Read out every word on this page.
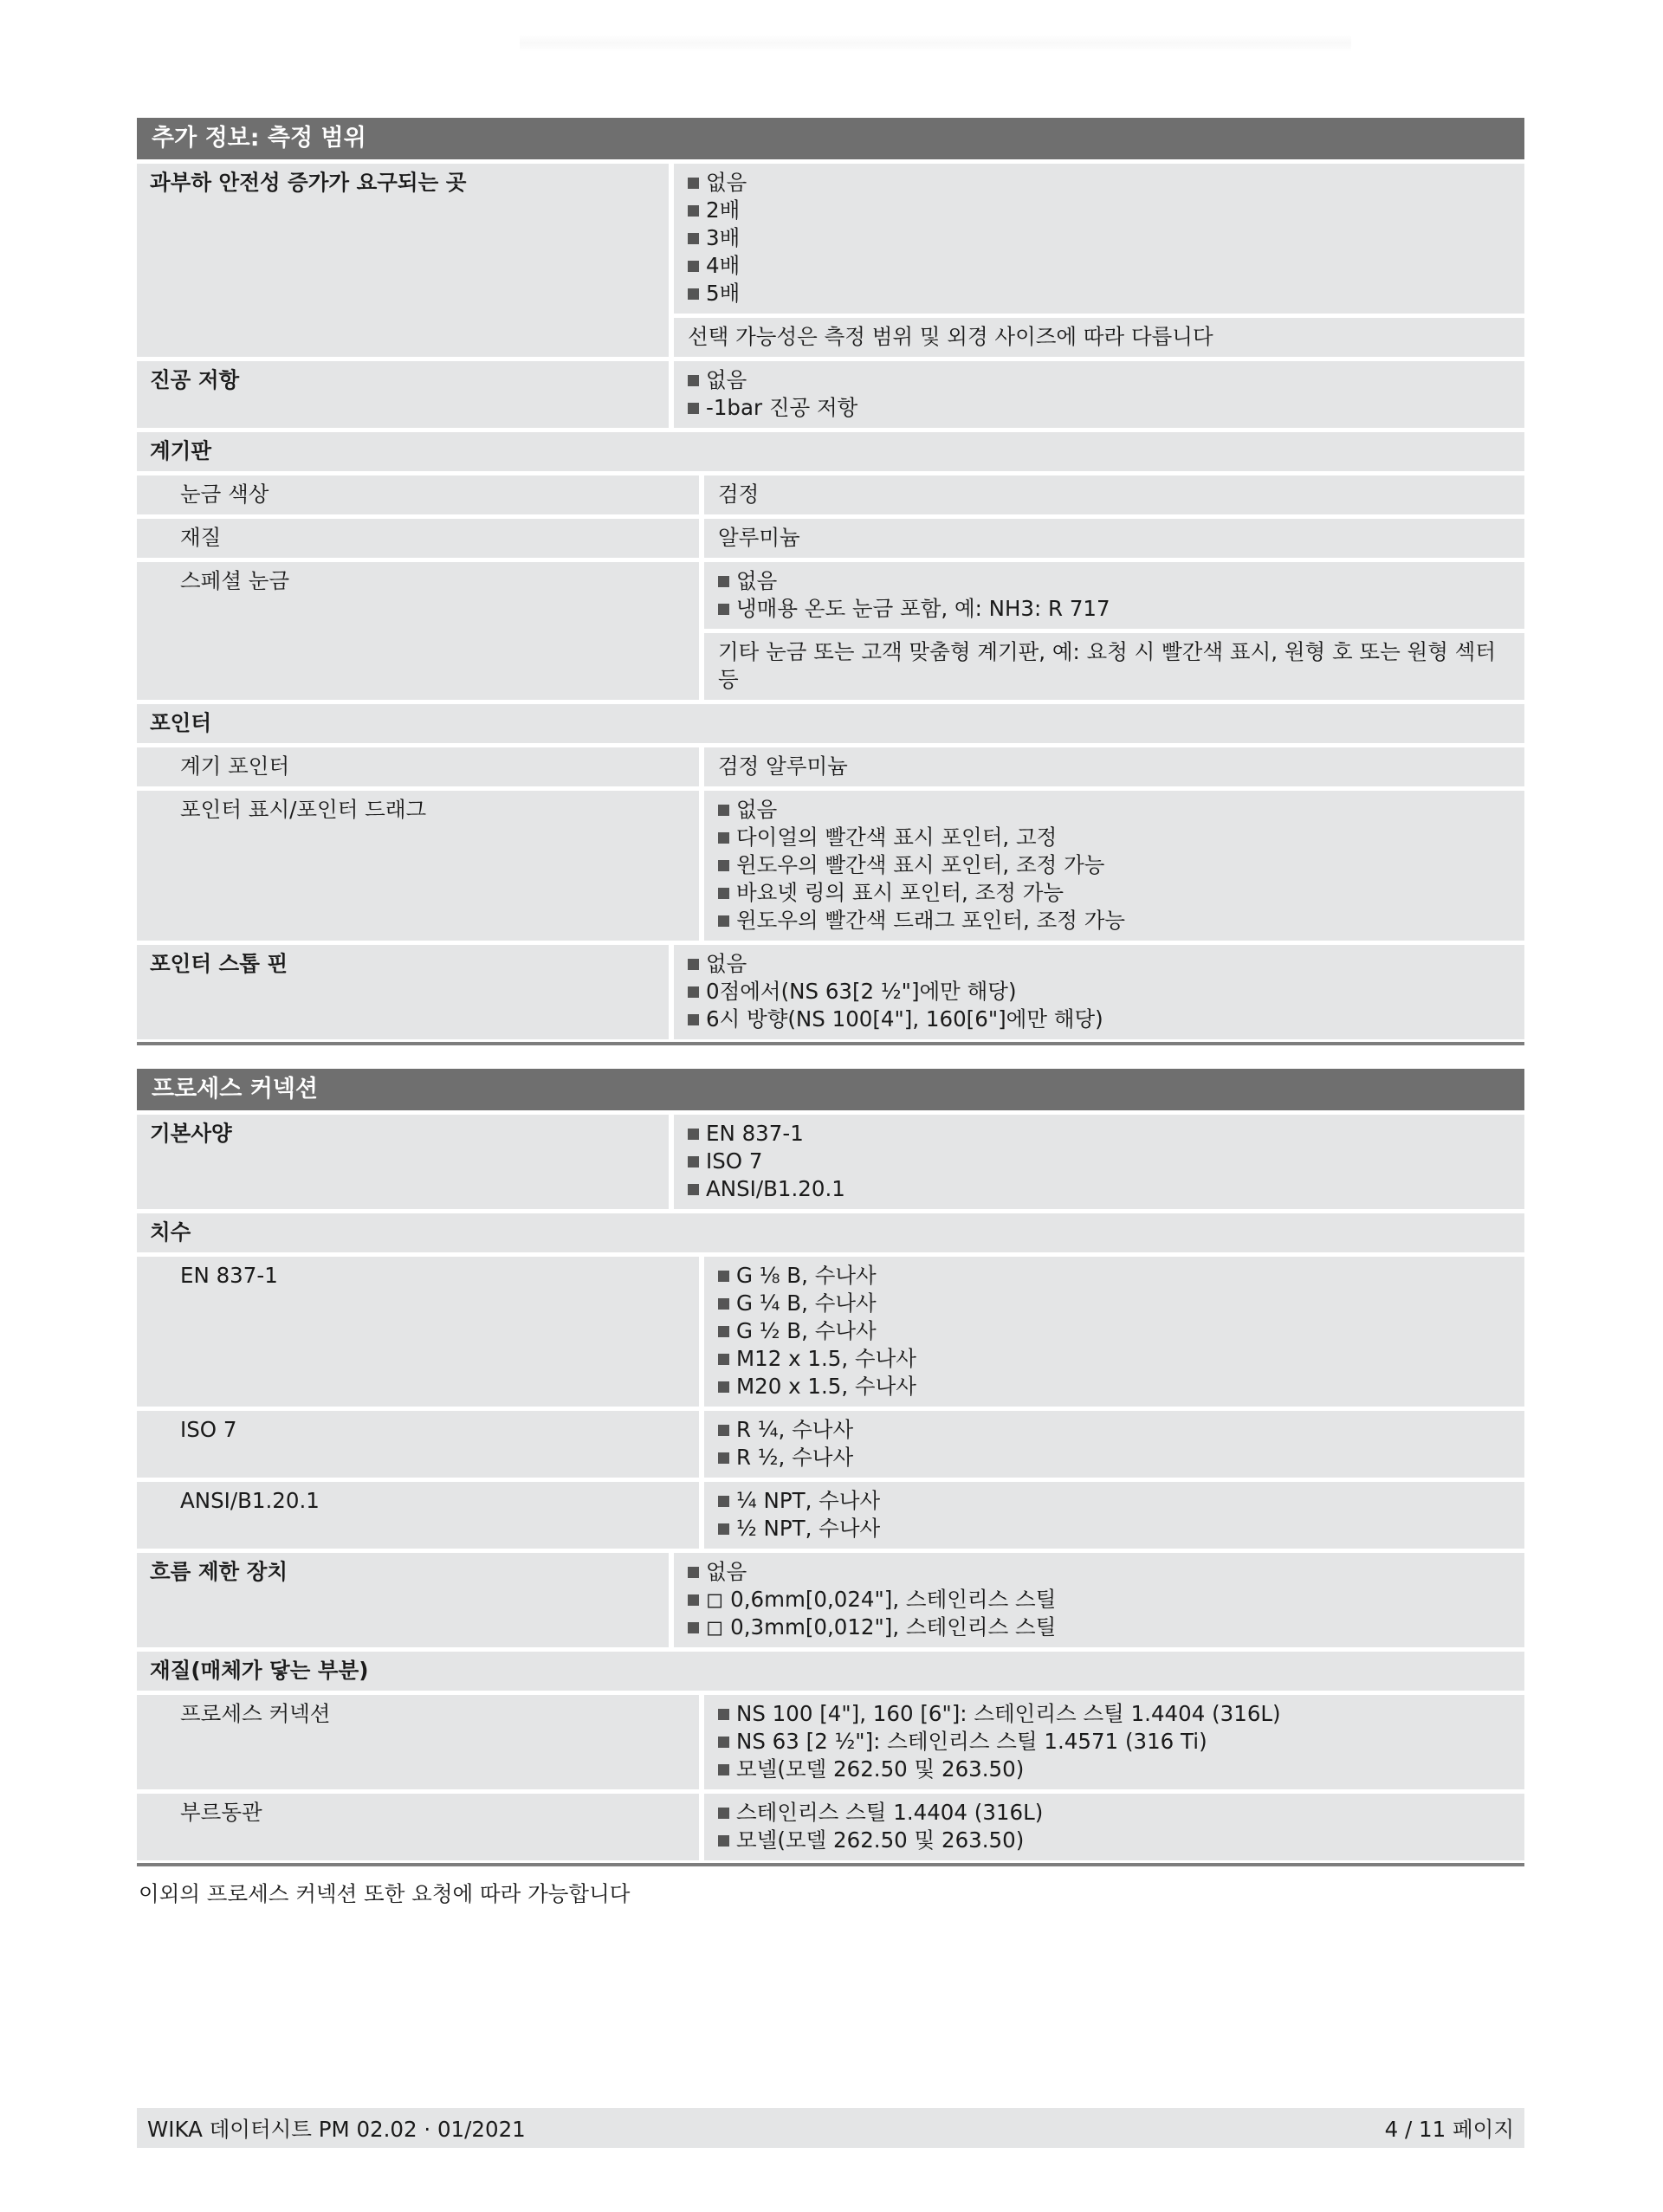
추가 정보: 측정 범위
과부하 안전성 증가가 요구되는 곳	없음
2배
3배
4배
5배
선택 가능성은 측정 범위 및 외경 사이즈에 따라 다릅니다
진공 저항	없음
-1bar 진공 저항
계기판
눈금 색상	검정
재질	알루미늄
스페셜 눈금	없음
냉매용 온도 눈금 포함, 예: NH3: R 717
기타 눈금 또는 고객 맞춤형 계기판, 예: 요청 시 빨간색 표시, 원형 호 또는 원형 섹터 등
포인터
계기 포인터	검정 알루미늄
포인터 표시/포인터 드래그	없음
다이얼의 빨간색 표시 포인터, 고정
윈도우의 빨간색 표시 포인터, 조정 가능
바요넷 링의 표시 포인터, 조정 가능
윈도우의 빨간색 드래그 포인터, 조정 가능
포인터 스톱 핀	없음
0점에서(NS 63[2 ½"]에만 해당)
6시 방향(NS 100[4"], 160[6"]에만 해당)
프로세스 커넥션
기본사양	EN 837-1
ISO 7
ANSI/B1.20.1
치수
EN 837-1	G ⅛ B, 수나사
G ¼ B, 수나사
G ½ B, 수나사
M12 x 1.5, 수나사
M20 x 1.5, 수나사
ISO 7	R ¼, 수나사
R ½, 수나사
ANSI/B1.20.1	¼ NPT, 수나사
½ NPT, 수나사
흐름 제한 장치	없음
◻ 0,6mm[0,024"], 스테인리스 스틸
◻ 0,3mm[0,012"], 스테인리스 스틸
재질(매체가 닿는 부분)
프로세스 커넥션	NS 100 [4"], 160 [6"]: 스테인리스 스틸 1.4404 (316L)
NS 63 [2 ½"]: 스테인리스 스틸 1.4571 (316 Ti)
모넬(모델 262.50 및 263.50)
부르동관	스테인리스 스틸 1.4404 (316L)
모넬(모델 262.50 및 263.50)
이외의 프로세스 커넥션 또한 요청에 따라 가능합니다
WIKA 데이터시트 PM 02.02 · 01/2021	4 / 11 페이지
